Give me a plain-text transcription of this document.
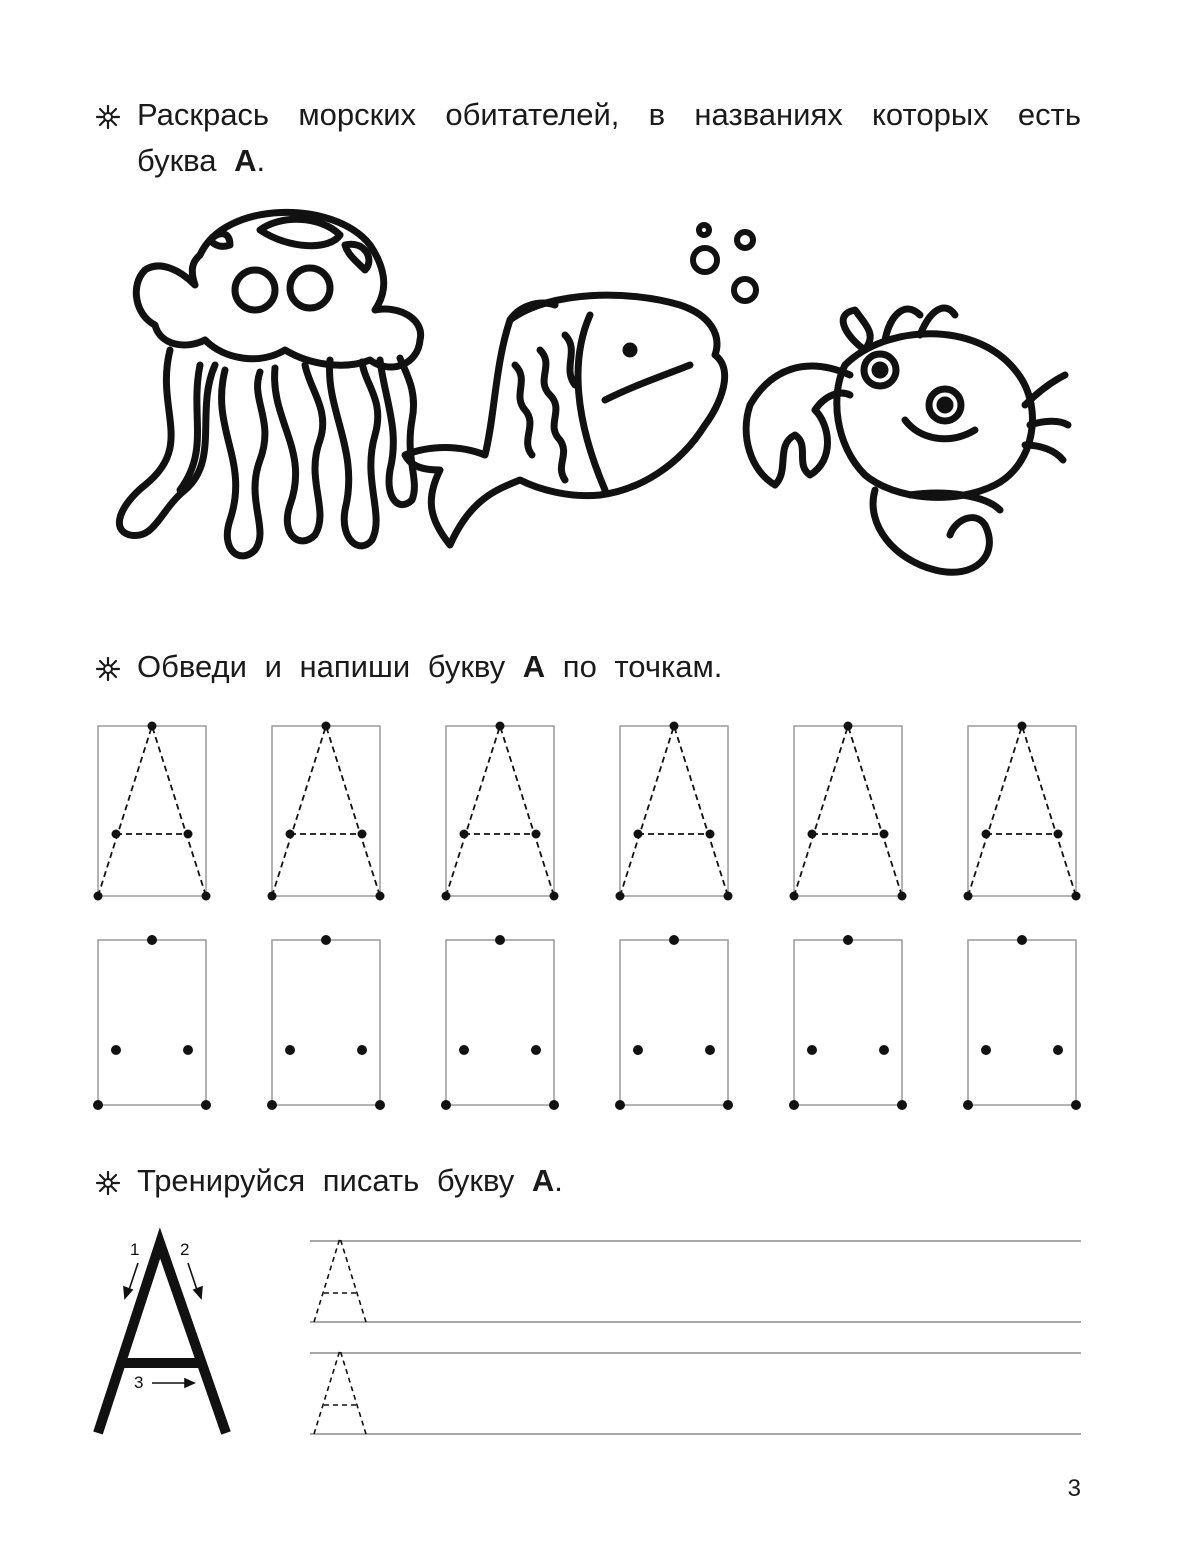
Раскрась морских обитателей, в названиях которых есть буква А.
Обведи и напиши букву А по точкам.
Тренируйся писать букву А.
1 2
3
3
